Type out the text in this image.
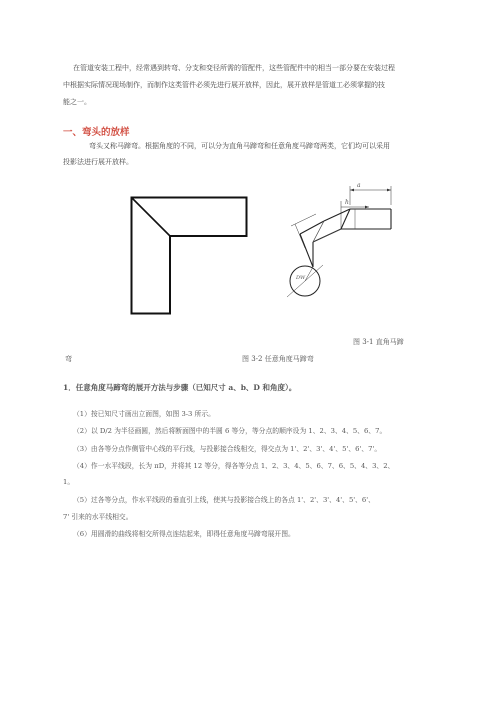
在管道安装工程中，经常遇到转弯、分支和变径所需的管配件，这些管配件中的相当一部分要在安装过程
中根据实际情况现场制作，而制作这类管件必须先进行展开放样，因此，展开放样是管道工必须掌握的技
能之一。
一、弯头的放样
弯头又称马蹄弯。根据角度的不同，可以分为直角马蹄弯和任意角度马蹄弯两类，它们均可以采用
投影法进行展开放样。
a
h
DW
图 3-1 直角马蹄
弯	图 3-2 任意角度马蹄弯
1．任意角度马蹄弯的展开方法与步骤（已知尺寸 a、b、D 和角度）。
（1）按已知尺寸画出立面图，如图 3-3 所示。
（2）以 D/2 为半径画圆，然后将断面图中的半圆 6 等分，等分点的顺序设为 1、2、3、4、5、6、7。
（3）由各等分点作侧管中心线的平行线，与投影接合线相交，得交点为 1'、2'、3'、4'、5'、6'、7'。
（4）作一水平线段，长为 πD，并将其 12 等分，得各等分点 1、2、3、4、5、6、7、6、5、4、3、2、
1。
（5）过各等分点，作水平线段的垂直引上线，使其与投影接合线上的各点 1'、2'、3'、4'、5'、6'、
7' 引来的水平线相交。
（6）用圆滑的曲线将相交所得点连结起来，即得任意角度马蹄弯展开图。
